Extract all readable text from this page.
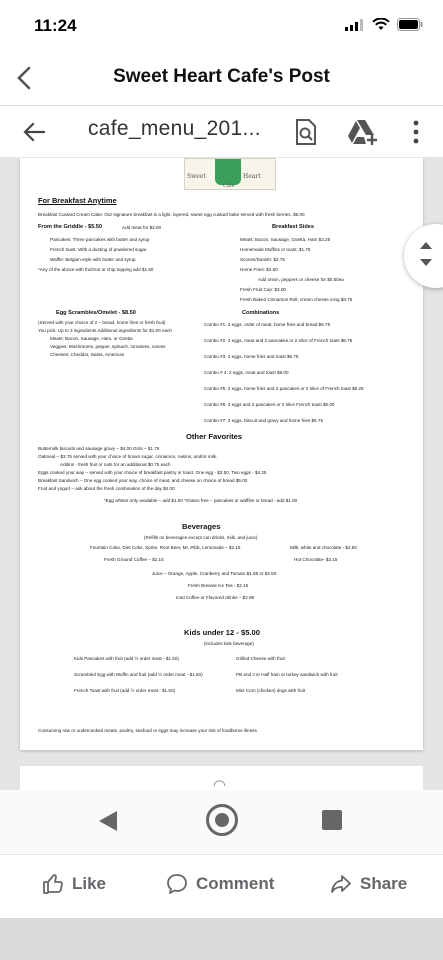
11:24
Sweet Heart Cafe's Post
cafe_menu_201...
Sweet	Heart
Cafe
For Breakfast Anytime
Breakfast Custard Cream Cake: Our signature breakfast is a light, layered, sweet egg custard bake served with fresh berries. $5.00
From the Griddle - $5.50	Add meat for $2.00
Pancakes: Three pancakes with butter and syrup
French toast: With a dusting of powdered sugar
Waffle: Belgian-style with butter and syrup
*Any of the above with fruit/nut or chip topping add $1.50
Breakfast Sides
Meats: Bacon, Sausage, Goetta, Ham $3.25
Homemade Muffins or toast: $1.75
Scones/Danish: $2.75
Home Fries: $2.50
Add onion, peppers or cheese for $0.50ea
Fresh Fruit Cup: $3.00
Fresh Baked Cinnamon Roll, cream cheese icing $3.75
Egg Scrambles/Omelet - $8.50
(Served with your choice of 2 – bread, home fries or fresh fruit)
You pick: Up to 3 ingredients Additional ingredients for $1.00 each
Meats: Bacon, Sausage, Ham, or Goetta
Veggies: Mushrooms, pepper, spinach, tomatoes, onions
Cheeses: Cheddar, Swiss, American
Combinations
Combo #1: 2 eggs, order of meat, home fries and bread $6.75
Combo #2: 2 eggs, meat and 2 pancakes or 2 slice of French toast $6.75
Combo #3: 2 eggs, home fries and toast $5.75
Combo # 4: 2 eggs, meat and toast $6.00
Combo #5: 2 eggs, home fries and 2 pancakes or 2 slice of French toast $6.25
Combo #6: 2 eggs and 2 pancakes or 2 slice French toast $6.00
Combo #7: 2 eggs, biscuit and gravy and home fries $6.75
Other Favorites
Buttermilk biscuits and sausage gravy – $4.00 Grits – $1.75
Oatmeal – $3.75 served with your choice of brown sugar, cinnamon, raisins, and/or milk.
Addins - fresh fruit or nuts for an additional $0.75 each
Eggs cooked your way – served with your choice of breakfast pastry or toast. One egg - $3.50, Two eggs - $4.25
Breakfast Sandwich – One egg cooked your way, choice of meat, and cheese on choice of bread $5.00
Fruit and yogurt – ask about the fresh combination of the day $4.00
*Egg whites only available – add $1.50 *Gluten free – pancakes or waffles or bread - add $1.50
Beverages
(Refills on beverages except can drinks, milk, and juice)
Fountain Coke, Diet Coke, Sprite, Root Beer, Mr. Pibb, Lemonade – $2.15	Milk, white and chocolate - $2.50
Fresh Ground Coffee – $2.15	Hot Chocolate- $2.15
Juice – Orange, Apple, Cranberry and Tomato $1.95 or $2.50
Fresh Brewed Ice Tea - $2.15
Iced Coffee or Flavored drinks – $2.99
Kids under 12 - $5.00
(includes kids beverage)
Kids Pancakes with fruit (add ½ order meat - $1.50)	Grilled Cheese with fruit
Scrambled Egg with Muffin and fruit (add ½ order meat - $1.50)	PB and J or Half ham or turkey sandwich with fruit
French Toast with fruit (add ½ order meat - $1.50)	Mini Corn (chicken) dogs with fruit
Consuming raw or undercooked meats, poultry, seafood or eggs may increase your risk of foodborne illness.
◠
Like	Comment	Share
